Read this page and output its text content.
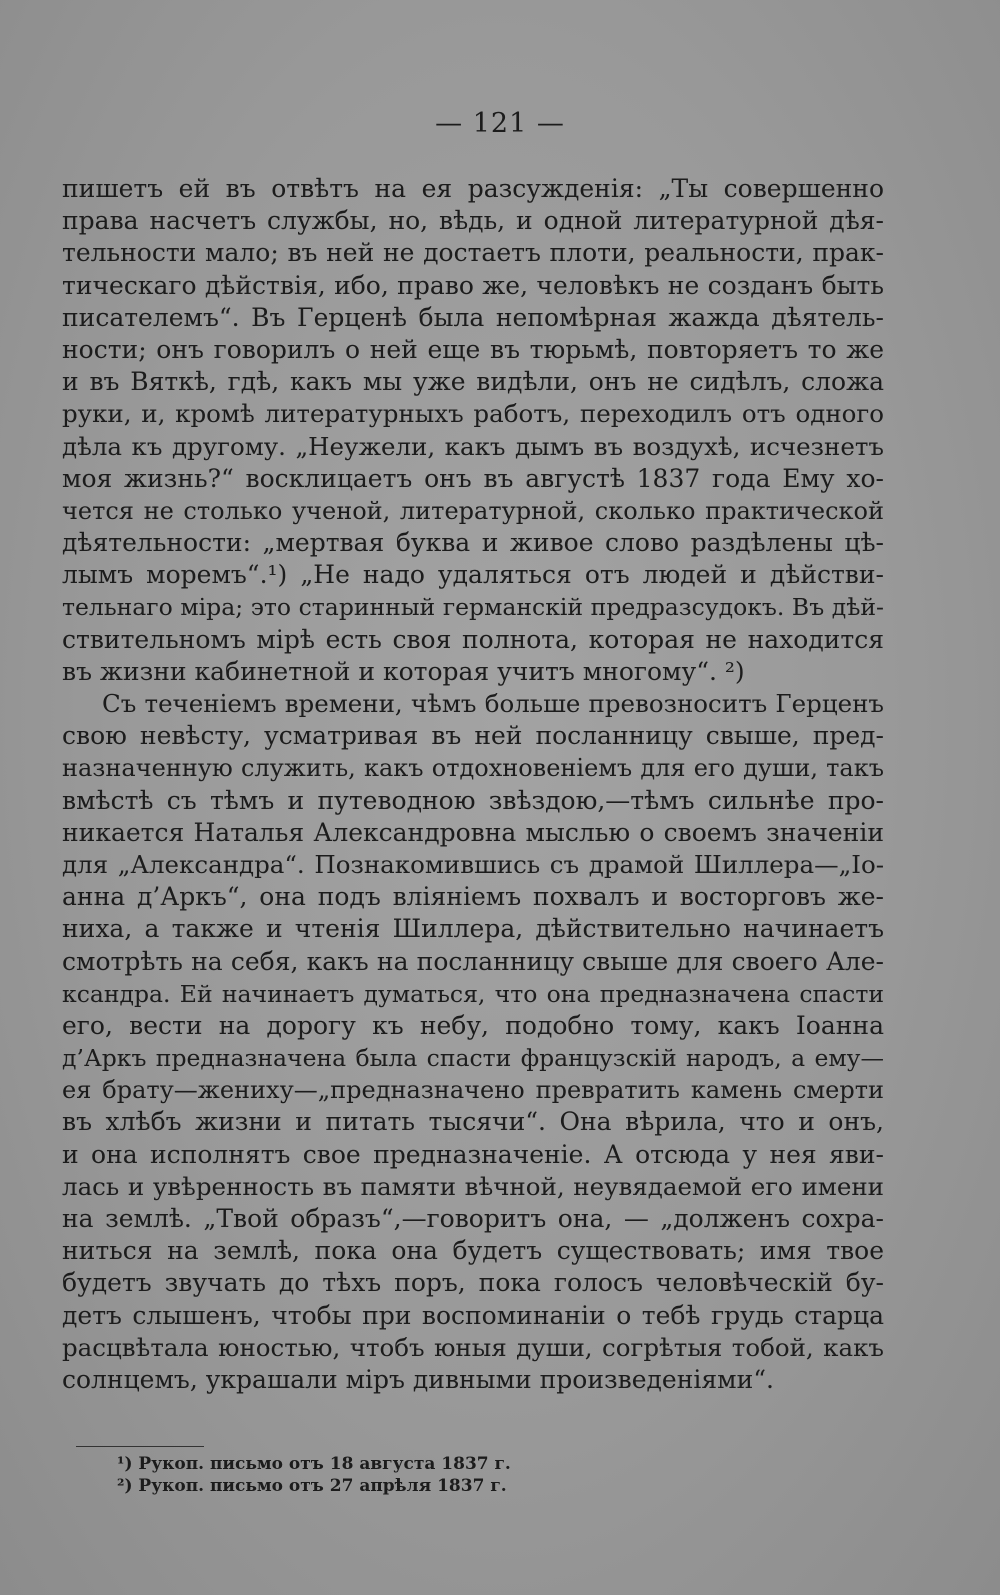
— 121 —
пишетъ ей въ отвѣтъ на ея разсужденія: „Ты совершенно
права насчетъ службы, но, вѣдь, и одной литературной дѣя-
тельности мало; въ ней не достаетъ плоти, реальности, прак-
тическаго дѣйствія, ибо, право же, человѣкъ не созданъ быть
писателемъ“. Въ Герценѣ была непомѣрная жажда дѣятель-
ности; онъ говорилъ о ней еще въ тюрьмѣ, повторяетъ то же
и въ Вяткѣ, гдѣ, какъ мы уже видѣли, онъ не сидѣлъ, сложа
руки, и, кромѣ литературныхъ работъ, переходилъ отъ одного
дѣла къ другому. „Неужели, какъ дымъ въ воздухѣ, исчезнетъ
моя жизнь?“ восклицаетъ онъ въ августѣ 1837 года Ему хо-
чется не столько ученой, литературной, сколько практической
дѣятельности: „мертвая буква и живое слово раздѣлены цѣ-
лымъ моремъ“.¹) „Не надо удаляться отъ людей и дѣйстви-
тельнаго міра; это старинный германскій предразсудокъ. Въ дѣй-
ствительномъ мірѣ есть своя полнота, которая не находится
въ жизни кабинетной и которая учитъ многому“. ²)
Съ теченіемъ времени, чѣмъ больше превозноситъ Герценъ
свою невѣсту, усматривая въ ней посланницу свыше, пред-
назначенную служить, какъ отдохновеніемъ для его души, такъ
вмѣстѣ съ тѣмъ и путеводною звѣздою,—тѣмъ сильнѣе про-
никается Наталья Александровна мыслью о своемъ значеніи
для „Александра“. Познакомившись съ драмой Шиллера—„Іо-
анна д’Аркъ“, она подъ вліяніемъ похвалъ и восторговъ же-
ниха, а также и чтенія Шиллера, дѣйствительно начинаетъ
смотрѣть на себя, какъ на посланницу свыше для своего Але-
ксандра. Ей начинаетъ думаться, что она предназначена спасти
его, вести на дорогу къ небу, подобно тому, какъ Іоанна
д’Аркъ предназначена была спасти французскій народъ, а ему—
ея брату—жениху—„предназначено превратить камень смерти
въ хлѣбъ жизни и питать тысячи“. Она вѣрила, что и онъ,
и она исполнятъ свое предназначеніе. А отсюда у нея яви-
лась и увѣренность въ памяти вѣчной, неувядаемой его имени
на землѣ. „Твой образъ“,—говоритъ она, — „долженъ сохра-
ниться на землѣ, пока она будетъ существовать; имя твое
будетъ звучать до тѣхъ поръ, пока голосъ человѣческій бу-
детъ слышенъ, чтобы при воспоминаніи о тебѣ грудь старца
расцвѣтала юностью, чтобъ юныя души, согрѣтыя тобой, какъ
солнцемъ, украшали міръ дивными произведеніями“.
¹) Рукоп. письмо отъ 18 августа 1837 г.
²) Рукоп. письмо отъ 27 апрѣля 1837 г.
